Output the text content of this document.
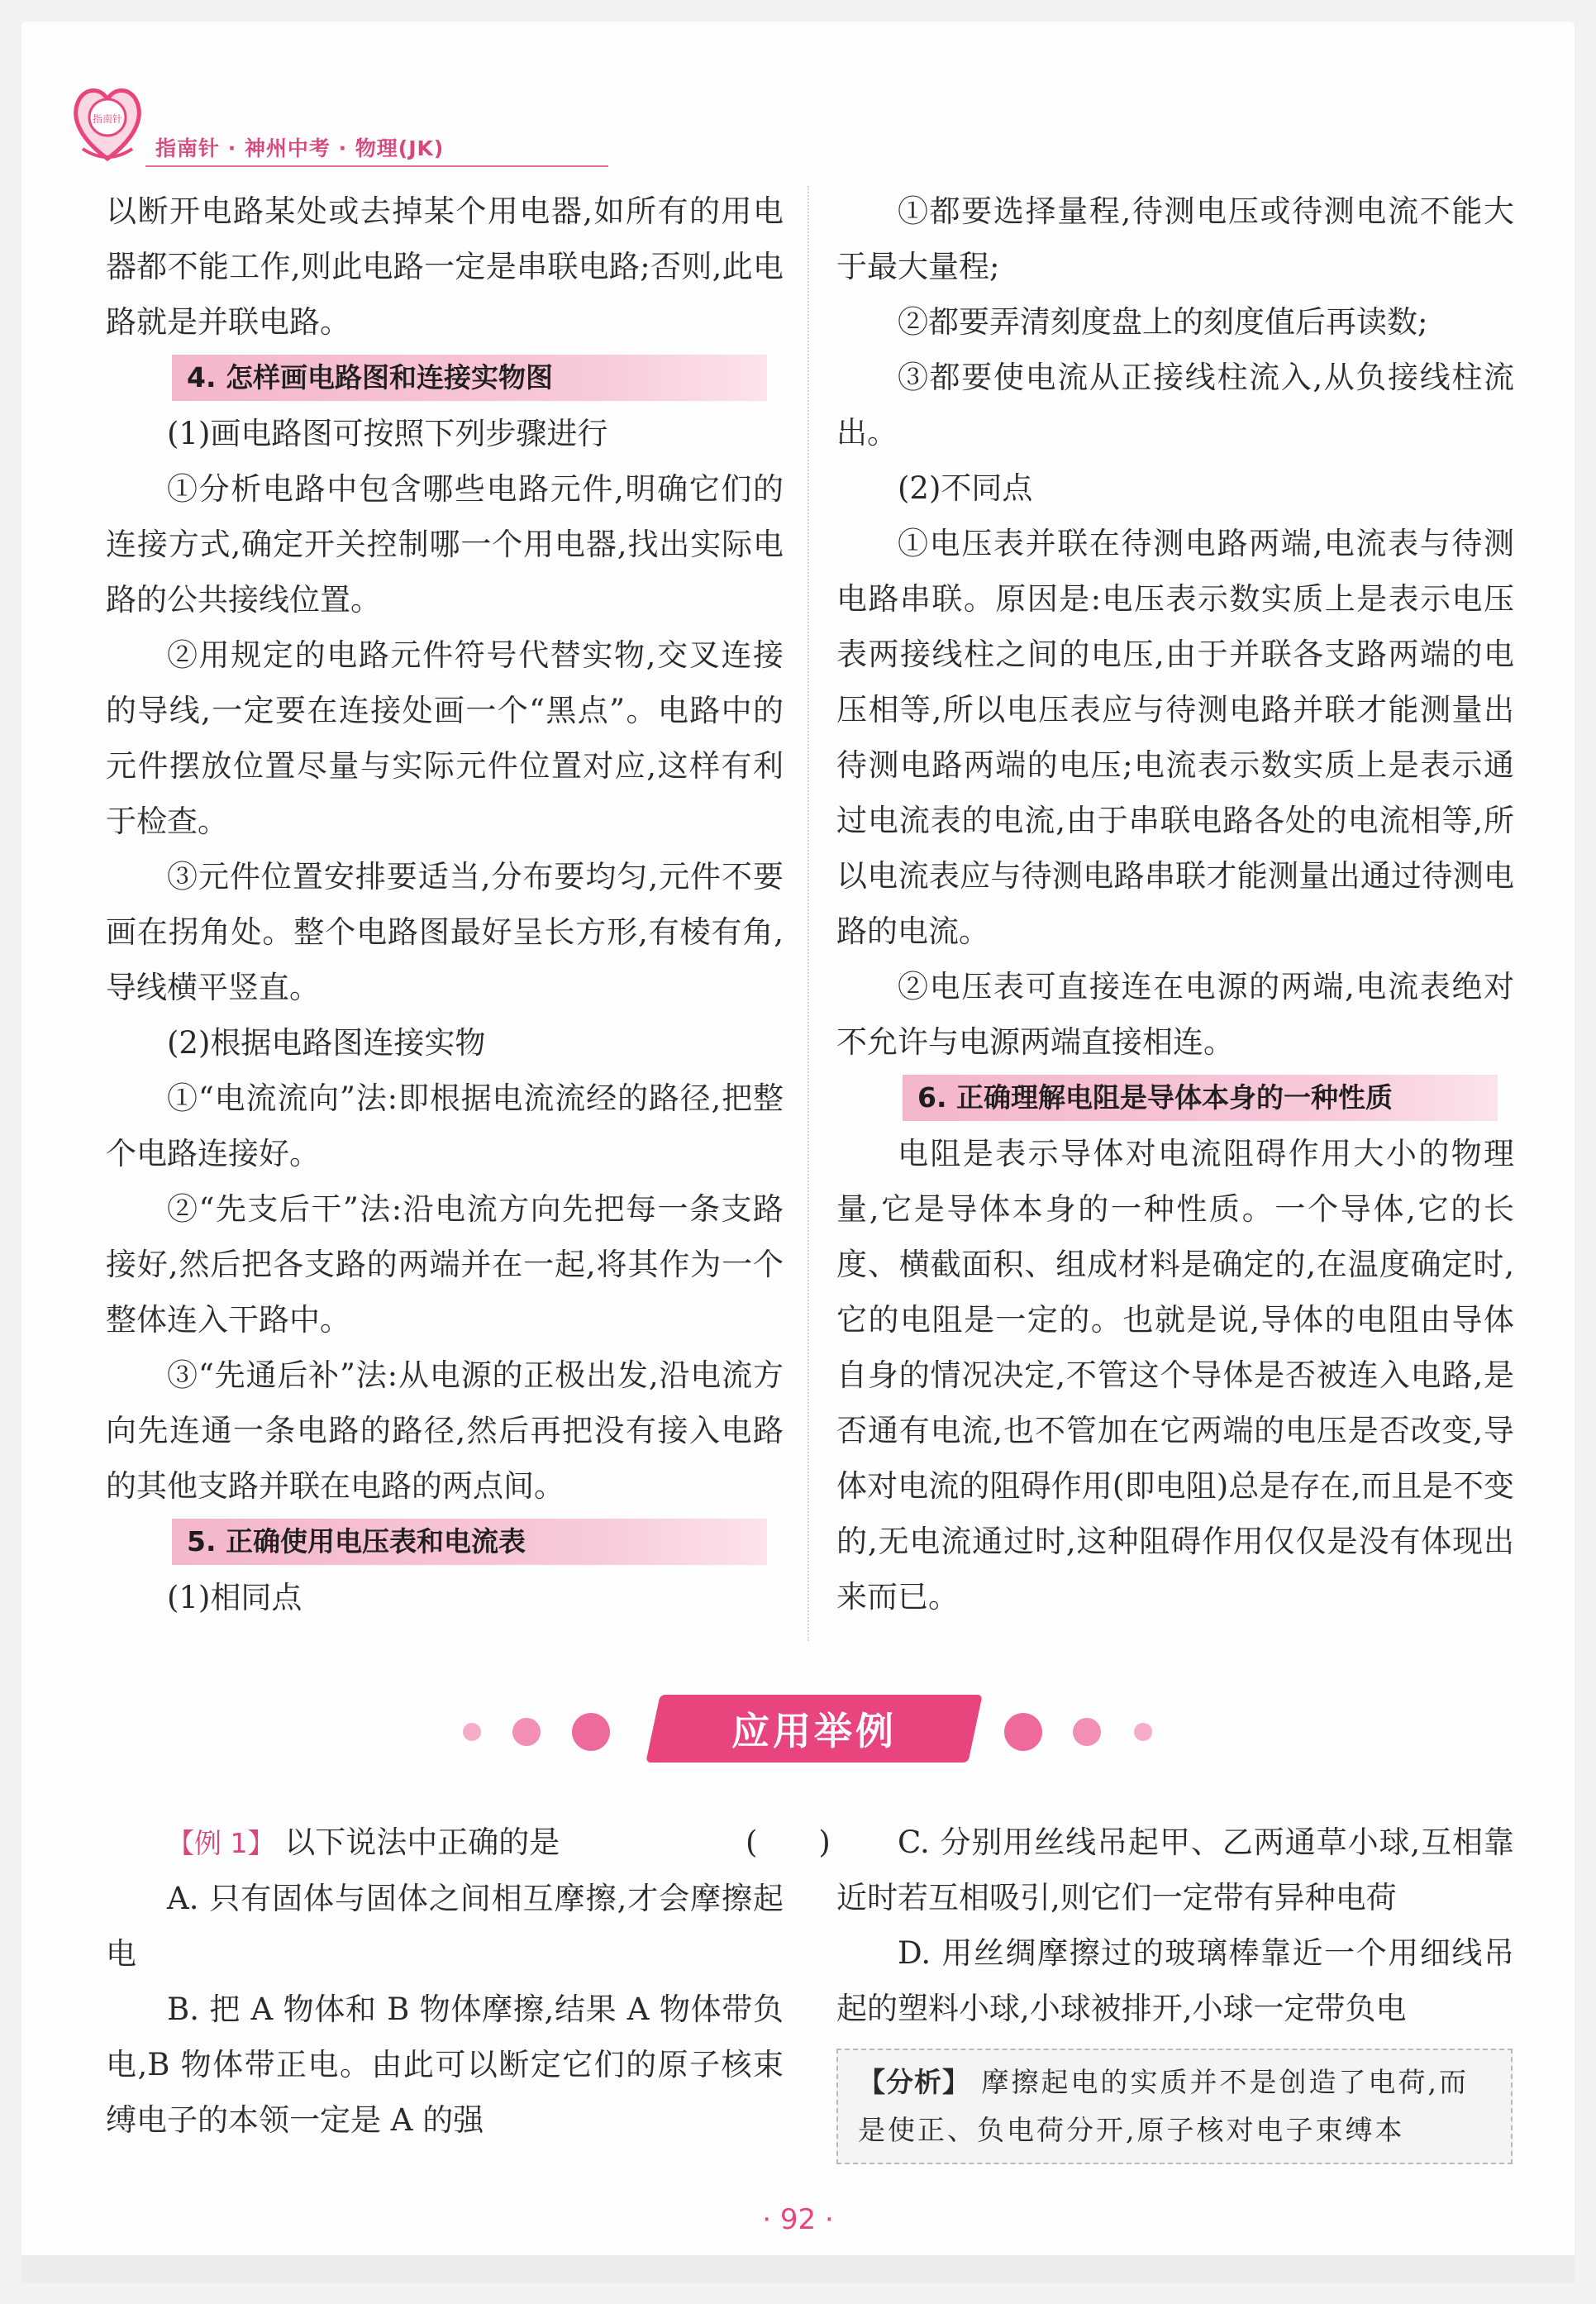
指南针
指南针 · 神州中考 · 物理(JK)

以断开电路某处或去掉某个用电器,如所有的用电器都不能工作,则此电路一定是串联电路;否则,此电路就是并联电路。

4. 怎样画电路图和连接实物图

(1)画电路图可按照下列步骤进行

①分析电路中包含哪些电路元件,明确它们的连接方式,确定开关控制哪一个用电器,找出实际电路的公共接线位置。

②用规定的电路元件符号代替实物,交叉连接的导线,一定要在连接处画一个“黑点”。电路中的元件摆放位置尽量与实际元件位置对应,这样有利于检查。

③元件位置安排要适当,分布要均匀,元件不要画在拐角处。整个电路图最好呈长方形,有棱有角,导线横平竖直。

(2)根据电路图连接实物

①“电流流向”法:即根据电流流经的路径,把整个电路连接好。

②“先支后干”法:沿电流方向先把每一条支路接好,然后把各支路的两端并在一起,将其作为一个整体连入干路中。

③“先通后补”法:从电源的正极出发,沿电流方向先连通一条电路的路径,然后再把没有接入电路的其他支路并联在电路的两点间。

5. 正确使用电压表和电流表

(1)相同点

①都要选择量程,待测电压或待测电流不能大于最大量程;

②都要弄清刻度盘上的刻度值后再读数;

③都要使电流从正接线柱流入,从负接线柱流出。

(2)不同点

①电压表并联在待测电路两端,电流表与待测电路串联。原因是:电压表示数实质上是表示电压表两接线柱之间的电压,由于并联各支路两端的电压相等,所以电压表应与待测电路并联才能测量出待测电路两端的电压;电流表示数实质上是表示通过电流表的电流,由于串联电路各处的电流相等,所以电流表应与待测电路串联才能测量出通过待测电路的电流。

②电压表可直接连在电源的两端,电流表绝对不允许与电源两端直接相连。

6. 正确理解电阻是导体本身的一种性质

电阻是表示导体对电流阻碍作用大小的物理量,它是导体本身的一种性质。一个导体,它的长度、横截面积、组成材料是确定的,在温度确定时,它的电阻是一定的。也就是说,导体的电阻由导体自身的情况决定,不管这个导体是否被连入电路,是否通有电流,也不管加在它两端的电压是否改变,导体对电流的阻碍作用(即电阻)总是存在,而且是不变的,无电流通过时,这种阻碍作用仅仅是没有体现出来而已。

应用举例

【例 1】 以下说法中正确的是	(　　)

A. 只有固体与固体之间相互摩擦,才会摩擦起电

B. 把 A 物体和 B 物体摩擦,结果 A 物体带负电,B 物体带正电。由此可以断定它们的原子核束缚电子的本领一定是 A 的强

C. 分别用丝线吊起甲、乙两通草小球,互相靠近时若互相吸引,则它们一定带有异种电荷

D. 用丝绸摩擦过的玻璃棒靠近一个用细线吊起的塑料小球,小球被排开,小球一定带负电

【分析】 摩擦起电的实质并不是创造了电荷,而是使正、负电荷分开,原子核对电子束缚本
· 92 ·
